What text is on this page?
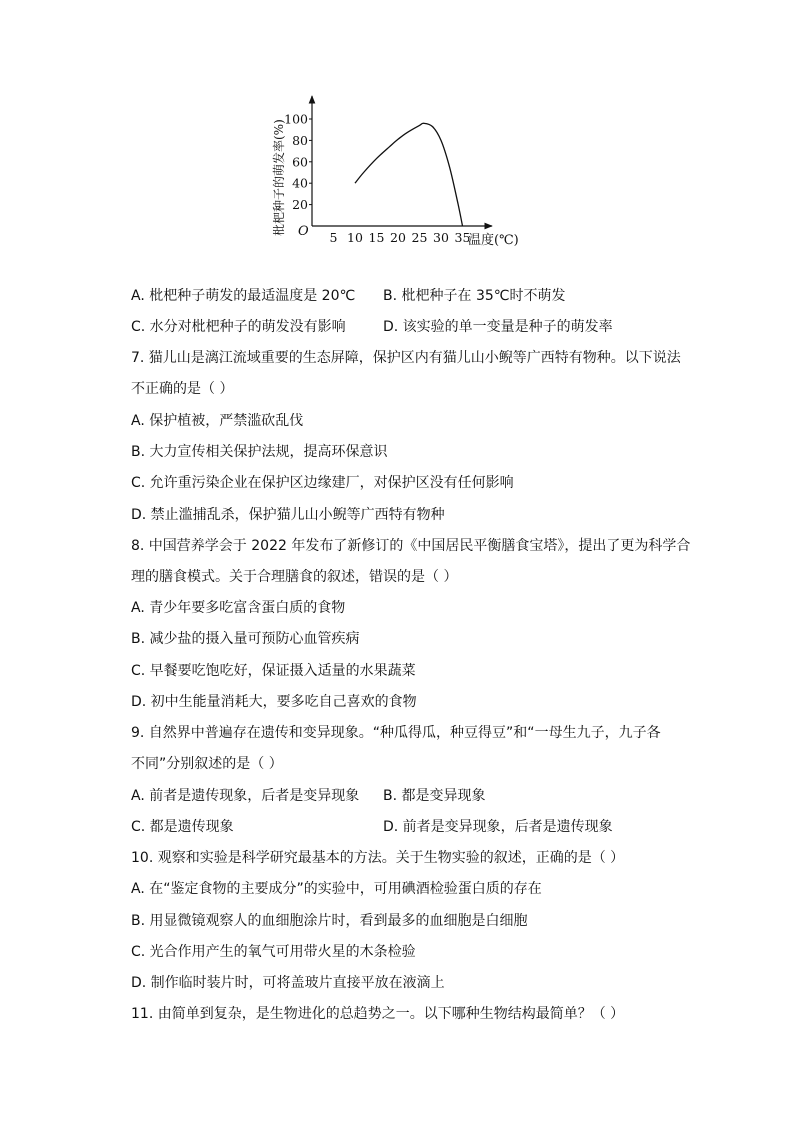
20
40
60
80
100
5 10 15 20 25 30 35
O
温度(℃)
枇杷种子的萌发率(%)
A. 枇杷种子萌发的最适温度是 20℃ B. 枇杷种子在 35℃时不萌发
C. 水分对枇杷种子的萌发没有影响	D. 该实验的单一变量是种子的萌发率
7. 猫儿山是漓江流域重要的生态屏障，保护区内有猫儿山小鲵等广西特有物种。以下说法
不正确的是（ ）
A. 保护植被，严禁滥砍乱伐
B. 大力宣传相关保护法规，提高环保意识
C. 允许重污染企业在保护区边缘建厂，对保护区没有任何影响
D. 禁止滥捕乱杀，保护猫儿山小鲵等广西特有物种
8. 中国营养学会于 2022 年发布了新修订的《中国居民平衡膳食宝塔》，提出了更为科学合
理的膳食模式。关于合理膳食的叙述，错误的是（ ）
A. 青少年要多吃富含蛋白质的食物
B. 减少盐的摄入量可预防心血管疾病
C. 早餐要吃饱吃好，保证摄入适量的水果蔬菜
D. 初中生能量消耗大，要多吃自己喜欢的食物
9. 自然界中普遍存在遗传和变异现象。“种瓜得瓜，种豆得豆”和“一母生九子，九子各
不同”分别叙述的是（ ）
A. 前者是遗传现象，后者是变异现象 B. 都是变异现象
C. 都是遗传现象	D. 前者是变异现象，后者是遗传现象
10. 观察和实验是科学研究最基本的方法。关于生物实验的叙述，正确的是（ ）
A. 在“鉴定食物的主要成分”的实验中，可用碘酒检验蛋白质的存在
B. 用显微镜观察人的血细胞涂片时，看到最多的血细胞是白细胞
C. 光合作用产生的氧气可用带火星的木条检验
D. 制作临时装片时，可将盖玻片直接平放在液滴上
11. 由简单到复杂，是生物进化的总趋势之一。以下哪种生物结构最简单？（ ）
